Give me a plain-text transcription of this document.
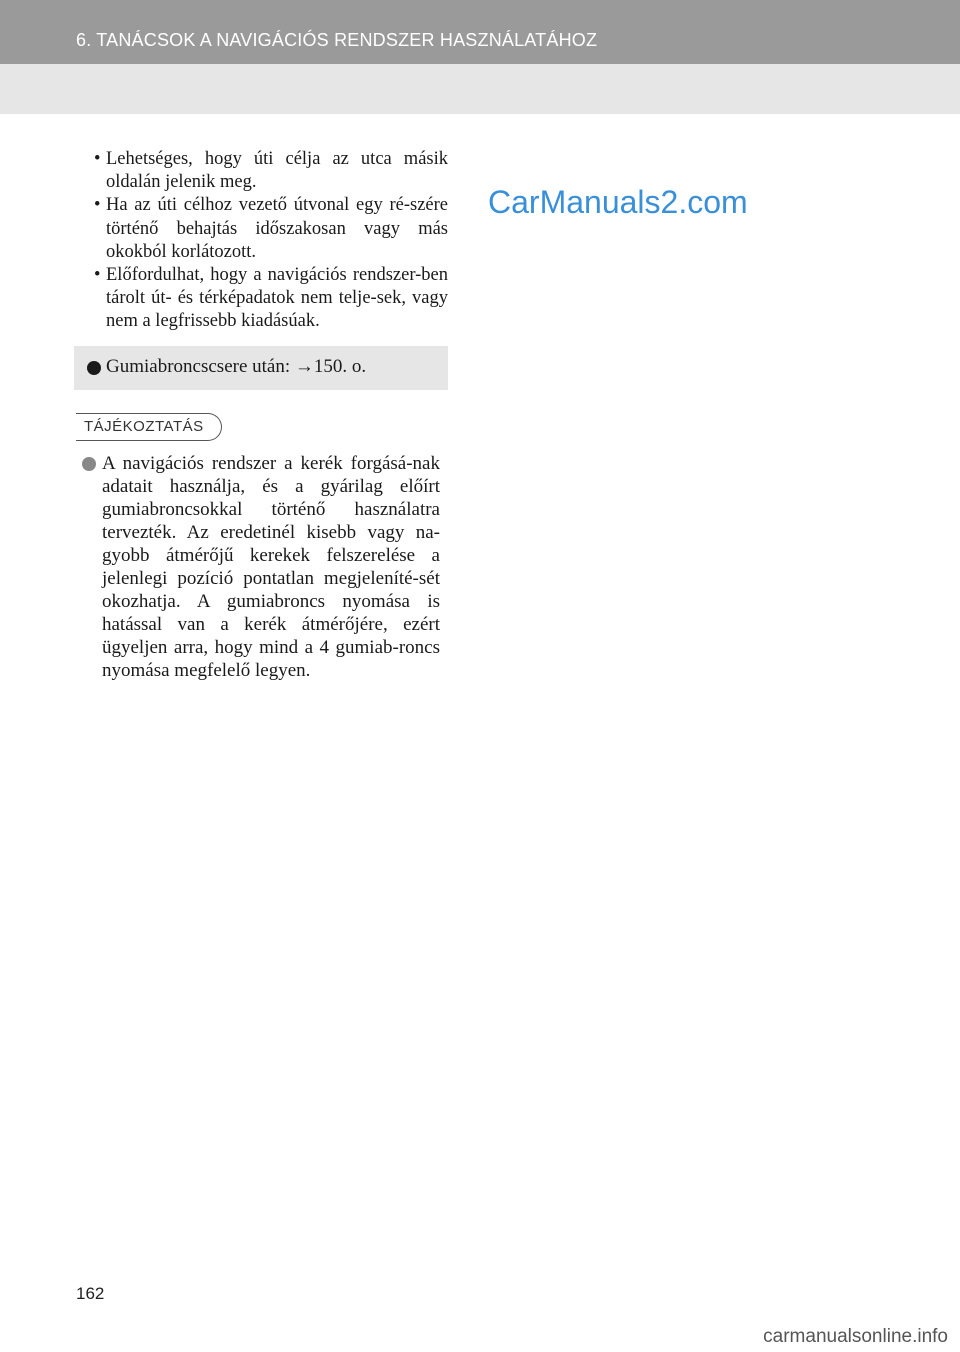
6. TANÁCSOK A NAVIGÁCIÓS RENDSZER HASZNÁLATÁHOZ
• Lehetséges, hogy úti célja az utca másik oldalán jelenik meg.
• Ha az úti célhoz vezető útvonal egy ré-szére történő behajtás időszakosan vagy más okokból korlátozott.
• Előfordulhat, hogy a navigációs rendszer-ben tárolt út- és térképadatok nem telje-sek, vagy nem a legfrissebb kiadásúak.
Gumiabroncscsere után: →150. o.
TÁJÉKOZTATÁS

A navigációs rendszer a kerék forgásá-nak adatait használja, és a gyárilag előírt gumiabroncsokkal történő használatra tervezték. Az eredetinél kisebb vagy na-gyobb átmérőjű kerekek felszerelése a jelenlegi pozíció pontatlan megjeleníté-sét okozhatja. A gumiabroncs nyomása is hatással van a kerék átmérőjére, ezért ügyeljen arra, hogy mind a 4 gumiab-roncs nyomása megfelelő legyen.

CarManuals2.com
162
carmanualsonline.info
